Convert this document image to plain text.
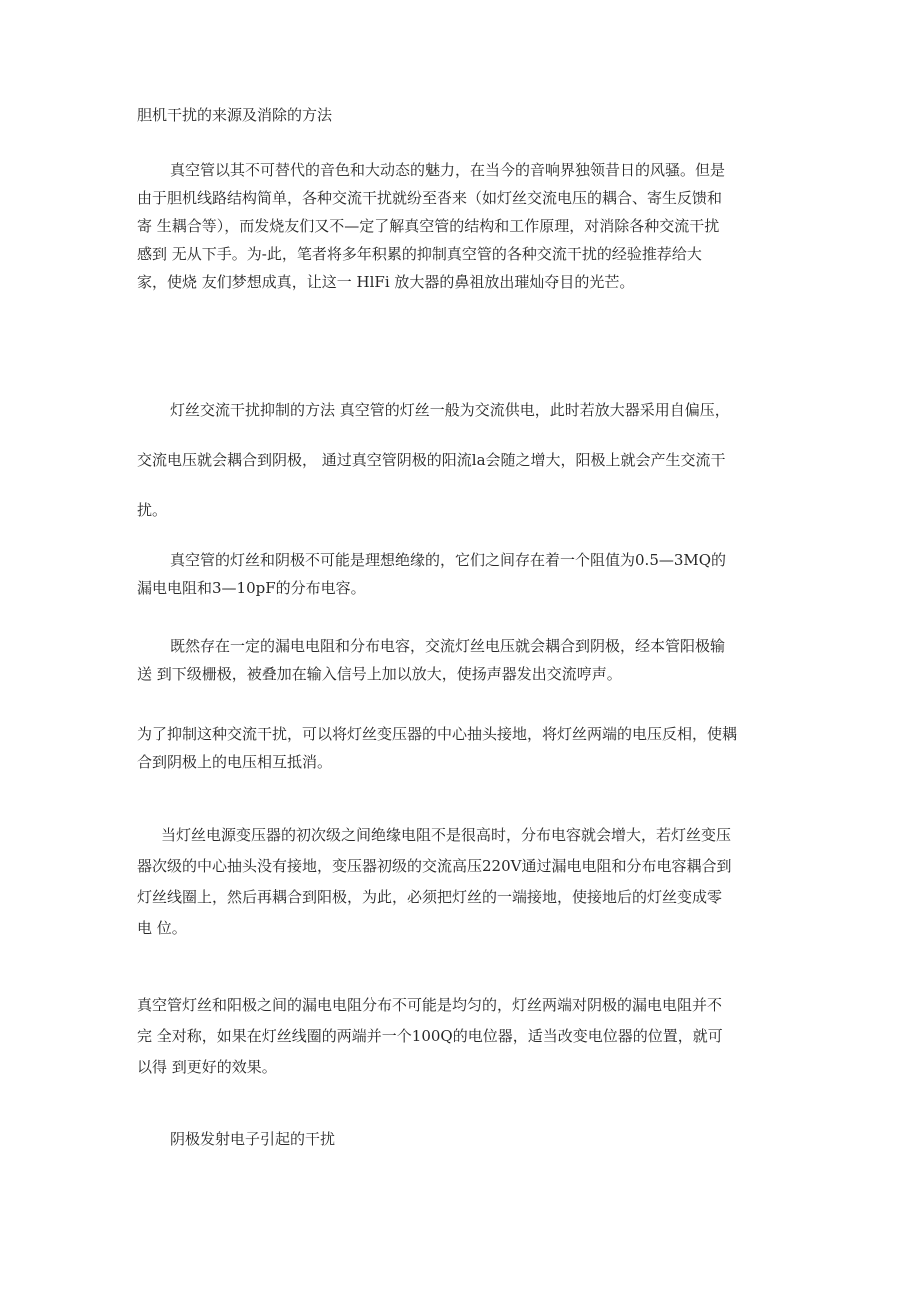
胆机干扰的来源及消除的方法
真空管以其不可替代的音色和大动态的魅力，在当今的音响界独领昔日的风骚。但是
由于胆机线路结构简单，各种交流干扰就纷至沓来（如灯丝交流电压的耦合、寄生反馈和
寄 生耦合等），而发烧友们又不—定了解真空管的结构和工作原理，对消除各种交流干扰
感到 无从下手。为-此，笔者将多年积累的抑制真空管的各种交流干扰的经验推荐给大
家，使烧 友们梦想成真，让这一 HlFi 放大器的鼻祖放出璀灿夺目的光芒。
灯丝交流干扰抑制的方法 真空管的灯丝一般为交流供电，此时若放大器采用自偏压，
交流电压就会耦合到阴极， 通过真空管阴极的阳流la会随之增大，阳极上就会产生交流干
扰。
真空管的灯丝和阴极不可能是理想绝缘的，它们之间存在着一个阻值为0.5—3MQ的
漏电电阻和3—10pF的分布电容。
既然存在一定的漏电电阻和分布电容，交流灯丝电压就会耦合到阴极，经本管阳极输
送 到下级栅极，被叠加在输入信号上加以放大，使扬声器发出交流哼声。
为了抑制这种交流干扰，可以将灯丝变压器的中心抽头接地，将灯丝两端的电压反相，使耦
合到阴极上的电压相互抵消。
当灯丝电源变压器的初次级之间绝缘电阻不是很高时，分布电容就会增大，若灯丝变压
器次级的中心抽头没有接地，变压器初级的交流高压220V通过漏电电阻和分布电容耦合到
灯丝线圈上，然后再耦合到阳极，为此，必须把灯丝的一端接地，使接地后的灯丝变成零
电 位。
真空管灯丝和阳极之间的漏电电阻分布不可能是均匀的，灯丝两端对阴极的漏电电阻并不
完 全对称，如果在灯丝线圈的两端并一个100Q的电位器，适当改变电位器的位置，就可
以得 到更好的效果。
阴极发射电子引起的干扰
